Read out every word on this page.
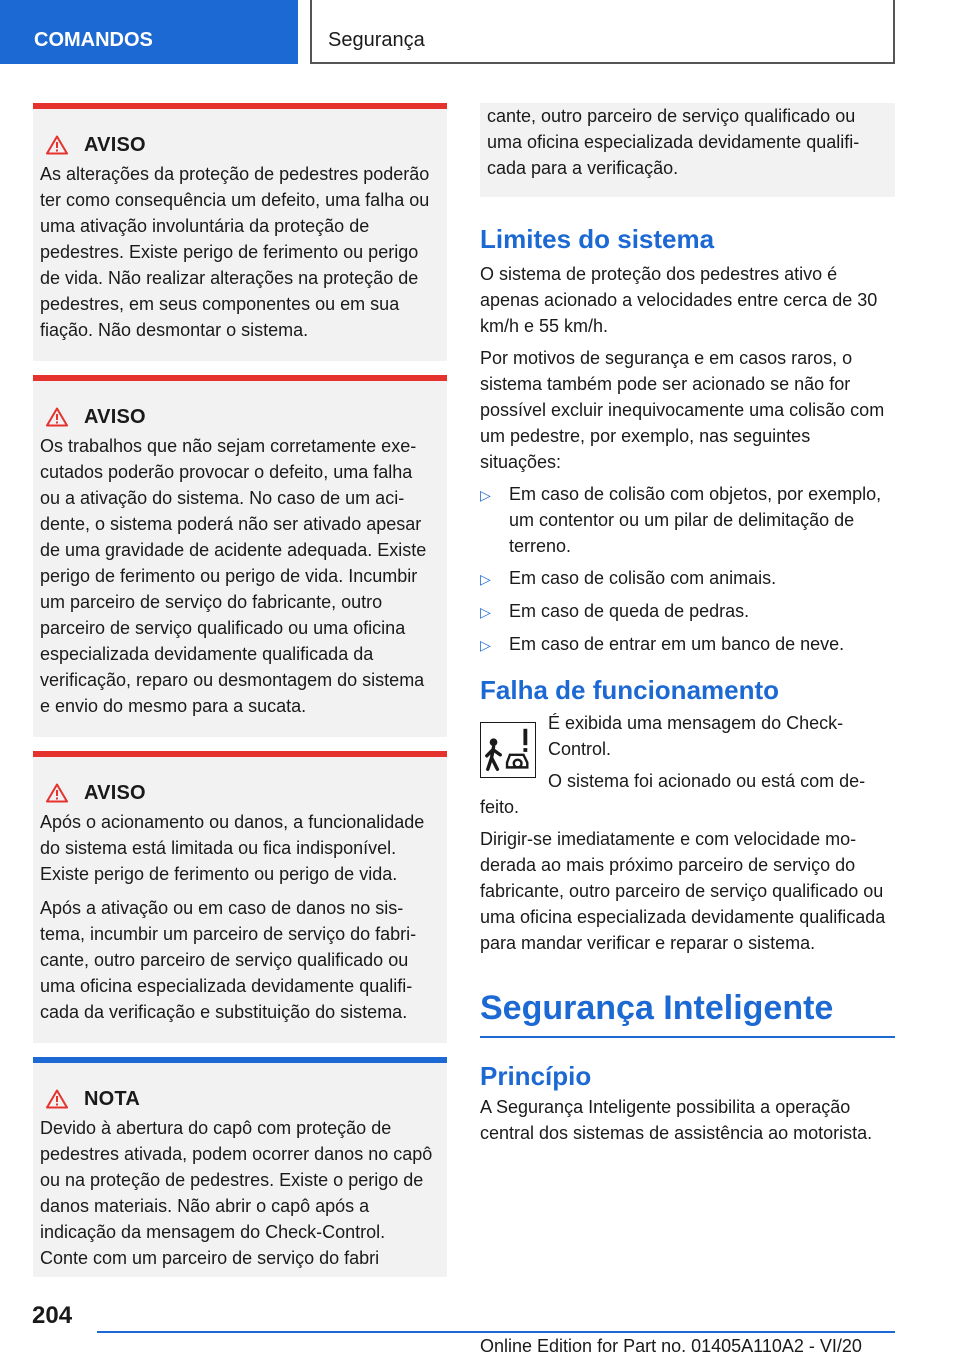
COMANDOS	Segurança
AVISO

As alterações da proteção de pedestres poderão ter como consequência um defeito, uma falha ou uma ativação involuntária da proteção de pedestres. Existe perigo de ferimento ou perigo de vida. Não realizar alterações na proteção de pedestres, em seus componentes ou em sua fiação. Não desmontar o sistema.

AVISO

Os trabalhos que não sejam corretamente executados poderão provocar o defeito, uma falha ou a ativação do sistema. No caso de um acidente, o sistema poderá não ser ativado apesar de uma gravidade de acidente adequada. Existe perigo de ferimento ou perigo de vida. Incumbir um parceiro de serviço do fabricante, outro parceiro de serviço qualificado ou uma oficina especializada devidamente qualificada da verificação, reparo ou desmontagem do sistema e envio do mesmo para a sucata.

AVISO

Após o acionamento ou danos, a funcionalidade do sistema está limitada ou fica indisponível. Existe perigo de ferimento ou perigo de vida.

Após a ativação ou em caso de danos no sistema, incumbir um parceiro de serviço do fabricante, outro parceiro de serviço qualificado ou uma oficina especializada devidamente qualificada da verificação e substituição do sistema.

NOTA

Devido à abertura do capô com proteção de pedestres ativada, podem ocorrer danos no capô ou na proteção de pedestres. Existe o perigo de danos materiais. Não abrir o capô após a indicação da mensagem do Check-Control. Conte com um parceiro de serviço do fabri

cante, outro parceiro de serviço qualificado ou uma oficina especializada devidamente qualificada para a verificação.
Limites do sistema

O sistema de proteção dos pedestres ativo é apenas acionado a velocidades entre cerca de 30 km/h e 55 km/h.

Por motivos de segurança e em casos raros, o sistema também pode ser acionado se não for possível excluir inequivocamente uma colisão com um pedestre, por exemplo, nas seguintes situações:

▷	Em caso de colisão com objetos, por exemplo, um contentor ou um pilar de delimitação de terreno.
▷	Em caso de colisão com animais.
▷	Em caso de queda de pedras.
▷	Em caso de entrar em um banco de neve.
Falha de funcionamento

É exibida uma mensagem do Check-Control.

O sistema foi acionado ou está com defeito.

Dirigir-se imediatamente e com velocidade moderada ao mais próximo parceiro de serviço do fabricante, outro parceiro de serviço qualificado ou uma oficina especializada devidamente qualificada para mandar verificar e reparar o sistema.

Segurança Inteligente
Princípio

A Segurança Inteligente possibilita a operação central dos sistemas de assistência ao motorista.

204
Online Edition for Part no. 01405A110A2 - VI/20
